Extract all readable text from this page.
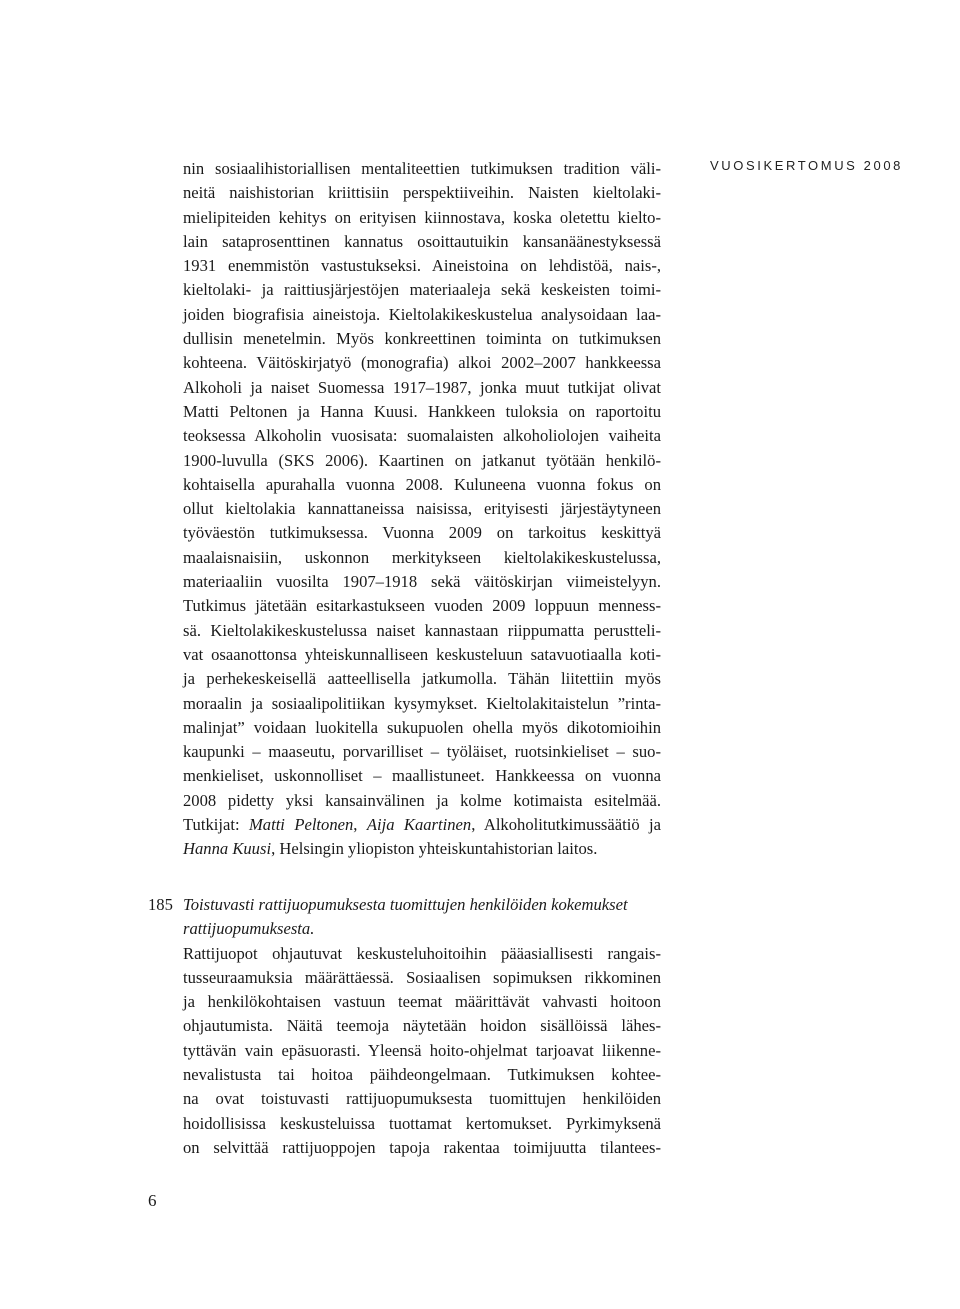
VUOSIKERTOMUS 2008
nin sosiaalihistoriallisen mentaliteettien tutkimuksen tradition väli-
neitä naishistorian kriittisiin perspektiiveihin. Naisten kieltolaki-
mielipiteiden kehitys on erityisen kiinnostava, koska oletettu kielto-
lain sataprosenttinen kannatus osoittautuikin kansanäänestyksessä
1931 enemmistön vastustukseksi. Aineistoina on lehdistöä, nais-,
kieltolaki- ja raittiusjärjestöjen materiaaleja sekä keskeisten toimi-
joiden biografisia aineistoja. Kieltolakikeskustelua analysoidaan laa-
dullisin menetelmin. Myös konkreettinen toiminta on tutkimuksen
kohteena. Väitöskirjatyö (monografia) alkoi 2002–2007 hankkeessa
Alkoholi ja naiset Suomessa 1917–1987, jonka muut tutkijat olivat
Matti Peltonen ja Hanna Kuusi. Hankkeen tuloksia on raportoitu
teoksessa Alkoholin vuosisata: suomalaisten alkoholiolojen vaiheita
1900-luvulla (SKS 2006). Kaartinen on jatkanut työtään henkilö-
kohtaisella apurahalla vuonna 2008. Kuluneena vuonna fokus on
ollut kieltolakia kannattaneissa naisissa, erityisesti järjestäytyneen
työväestön tutkimuksessa. Vuonna 2009 on tarkoitus keskittyä
maalaisnaisiin, uskonnon merkitykseen kieltolakikeskustelussa,
materiaaliin vuosilta 1907–1918 sekä väitöskirjan viimeistelyyn.
Tutkimus jätetään esitarkastukseen vuoden 2009 loppuun menness-
sä. Kieltolakikeskustelussa naiset kannastaan riippumatta perustteli-
vat osaanottonsa yhteiskunnalliseen keskusteluun satavuotiaalla koti-
ja perhekeskeisellä aatteellisella jatkumolla. Tähän liitettiin myös
moraalin ja sosiaalipolitiikan kysymykset. Kieltolakitaistelun ”rinta-
malinjat” voidaan luokitella sukupuolen ohella myös dikotomioihin
kaupunki – maaseutu, porvarilliset – työläiset, ruotsinkieliset – suo-
menkieliset, uskonnolliset – maallistuneet. Hankkeessa on vuonna
2008 pidetty yksi kansainvälinen ja kolme kotimaista esitelmää.
Tutkijat: Matti Peltonen, Aija Kaartinen, Alkoholitutkimussäätiö ja
Hanna Kuusi, Helsingin yliopiston yhteiskuntahistorian laitos.
185 Toistuvasti rattijuopumuksesta tuomittujen henkilöiden kokemukset
rattijuopumuksesta.
Rattijuopot ohjautuvat keskusteluhoitoihin pääasiallisesti rangais-
tusseuraamuksia määrättäessä. Sosiaalisen sopimuksen rikkominen
ja henkilökohtaisen vastuun teemat määrittävät vahvasti hoitoon
ohjautumista. Näitä teemoja näytetään hoidon sisällöissä lähes-
tyttävän vain epäsuorasti. Yleensä hoito-ohjelmat tarjoavat liikenne-
nevalistusta tai hoitoa päihdeongelmaan. Tutkimuksen kohtee-
na ovat toistuvasti rattijuopumuksesta tuomittujen henkilöiden
hoidollisissa keskusteluissa tuottamat kertomukset. Pyrkimyksenä
on selvittää rattijuoppojen tapoja rakentaa toimijuutta tilantees-
6
